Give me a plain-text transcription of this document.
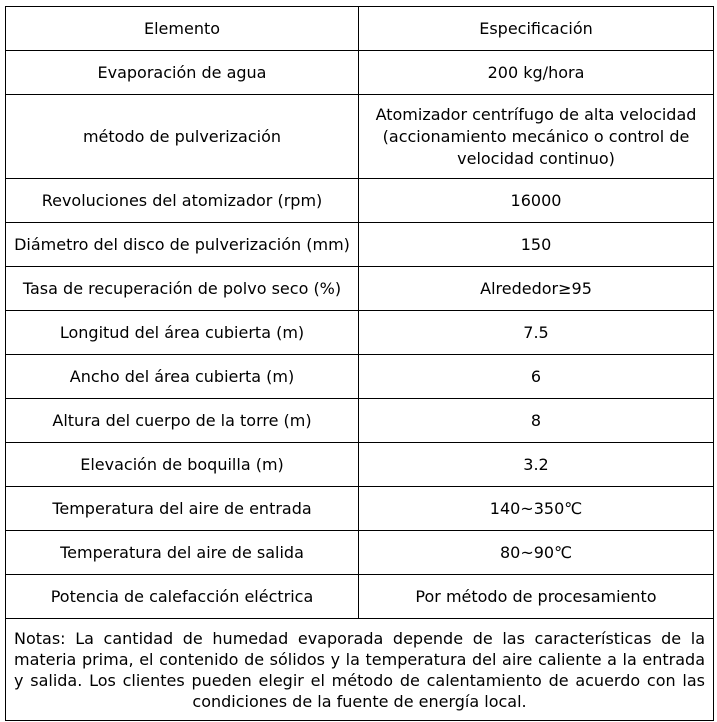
Elemento	Especificación
Evaporación de agua	200 kg/hora
método de pulverización	Atomizador centrífugo de alta velocidad (accionamiento mecánico o control de velocidad continuo)
Revoluciones del atomizador (rpm)	16000
Diámetro del disco de pulverización (mm)	150
Tasa de recuperación de polvo seco (%)	Alrededor≥95
Longitud del área cubierta (m)	7.5
Ancho del área cubierta (m)	6
Altura del cuerpo de la torre (m)	8
Elevación de boquilla (m)	3.2
Temperatura del aire de entrada	140~350℃
Temperatura del aire de salida	80~90℃
Potencia de calefacción eléctrica	Por método de procesamiento
Notas: La cantidad de humedad evaporada depende de las características de la materia prima, el contenido de sólidos y la temperatura del aire caliente a la entrada y salida. Los clientes pueden elegir el método de calentamiento de acuerdo con las condiciones de la fuente de energía local.	
